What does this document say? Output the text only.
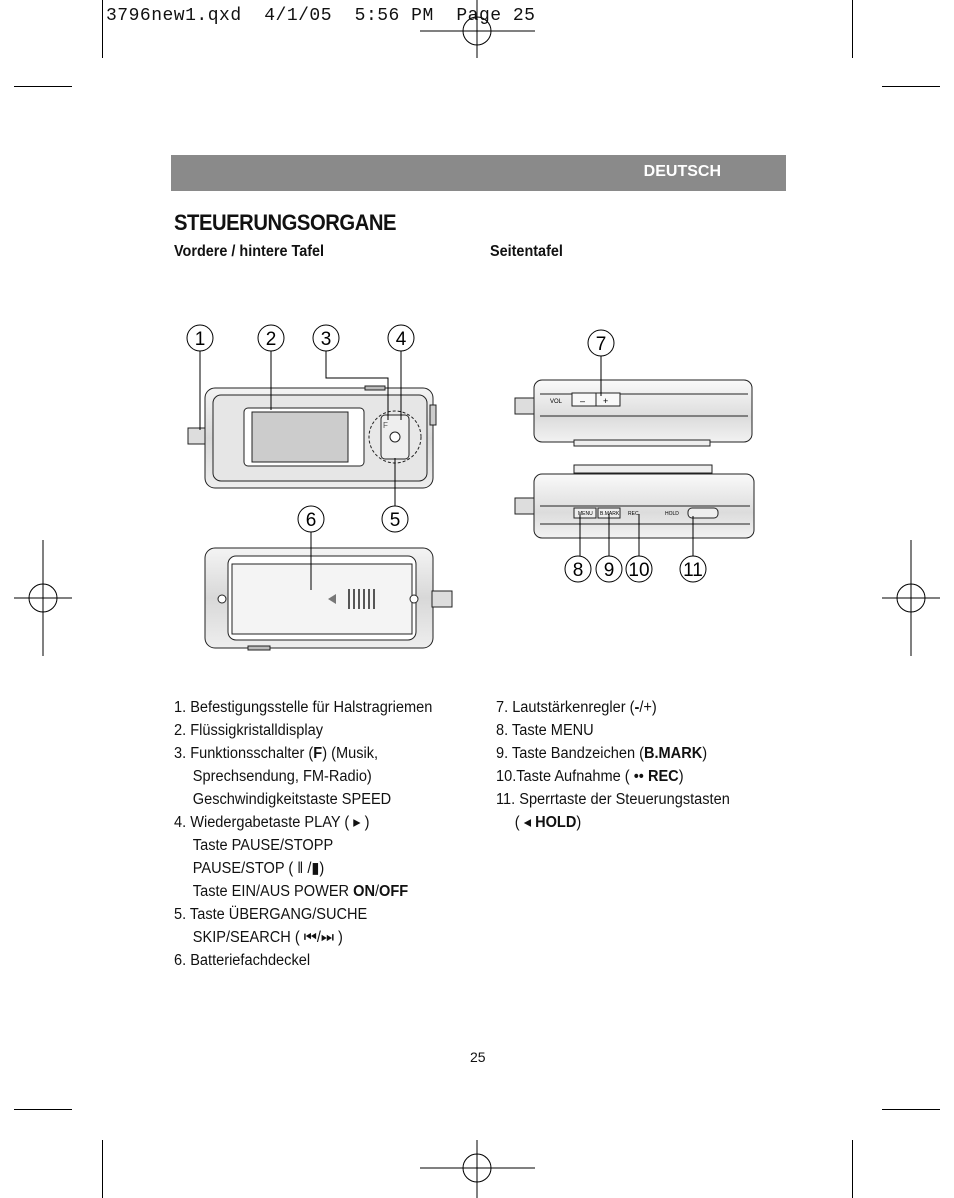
3796new1.qxd  4/1/05  5:56 PM  Page 25
DEUTSCH
STEUERUNGSORGANE
Vordere / hintere Tafel	Seitentafel
F
VOL – +
MENU B.MARK REC	HOLD
1	2 3	4
6	5
7
8 9 10 11
1. Befestigungsstelle für Halstragriemen
2. Flüssigkristalldisplay
3. Funktionsschalter (F) (Musik,
Sprechsendung, FM-Radio)
Geschwindigkeitstaste SPEED
4. Wiedergabetaste PLAY ( ▸ )
Taste PAUSE/STOPP
PAUSE/STOP ( ‖ /▮)
Taste EIN/AUS POWER ON/OFF
5. Taste ÜBERGANG/SUCHE
SKIP/SEARCH ( ⏮/⏭ )
6. Batteriefachdeckel
7. Lautstärkenregler (-/+)
8. Taste MENU
9. Taste Bandzeichen (B.MARK)
10.Taste Aufnahme ( •• REC)
11. Sperrtaste der Steuerungstasten
( ◂ HOLD)
25
